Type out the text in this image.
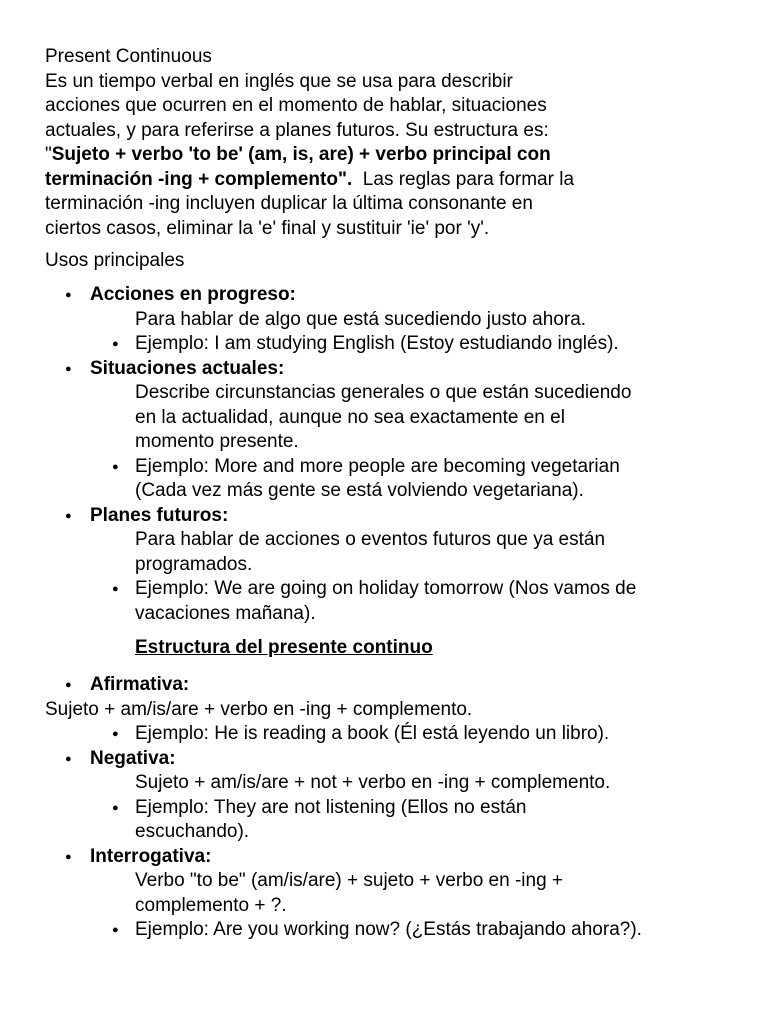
Present Continuous
Es un tiempo verbal en inglés que se usa para describir
acciones que ocurren en el momento de hablar, situaciones
actuales, y para referirse a planes futuros. Su estructura es:
"Sujeto + verbo 'to be' (am, is, are) + verbo principal con
terminación -ing + complemento".  Las reglas para formar la
terminación -ing incluyen duplicar la última consonante en
ciertos casos, eliminar la 'e' final y sustituir 'ie' por 'y'.
Usos principales
● Acciones en progreso:
Para hablar de algo que está sucediendo justo ahora.
● Ejemplo: I am studying English (Estoy estudiando inglés).
● Situaciones actuales:
Describe circunstancias generales o que están sucediendo
en la actualidad, aunque no sea exactamente en el
momento presente.
● Ejemplo: More and more people are becoming vegetarian
(Cada vez más gente se está volviendo vegetariana).
● Planes futuros:
Para hablar de acciones o eventos futuros que ya están
programados.
● Ejemplo: We are going on holiday tomorrow (Nos vamos de
vacaciones mañana).
Estructura del presente continuo
● Afirmativa:
Sujeto + am/is/are + verbo en -ing + complemento.
● Ejemplo: He is reading a book (Él está leyendo un libro).
● Negativa:
Sujeto + am/is/are + not + verbo en -ing + complemento.
● Ejemplo: They are not listening (Ellos no están
escuchando).
● Interrogativa:
Verbo "to be" (am/is/are) + sujeto + verbo en -ing +
complemento + ?.
● Ejemplo: Are you working now? (¿Estás trabajando ahora?).
